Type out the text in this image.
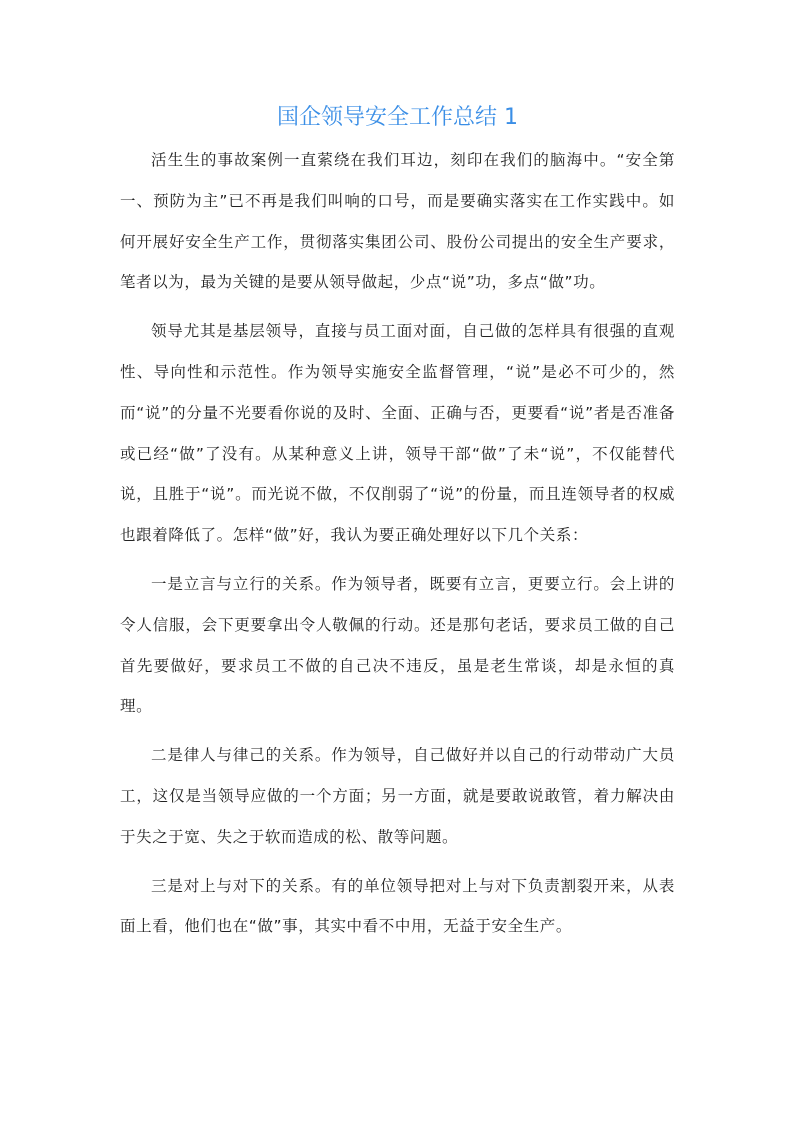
国企领导安全工作总结 1

活生生的事故案例一直萦绕在我们耳边，刻印在我们的脑海中。“安全第一、预防为主”已不再是我们叫响的口号，而是要确实落实在工作实践中。如何开展好安全生产工作，贯彻落实集团公司、股份公司提出的安全生产要求，笔者以为，最为关键的是要从领导做起，少点“说”功，多点“做”功。

领导尤其是基层领导，直接与员工面对面，自己做的怎样具有很强的直观性、导向性和示范性。作为领导实施安全监督管理，“说”是必不可少的，然而“说”的分量不光要看你说的及时、全面、正确与否，更要看“说”者是否准备或已经“做”了没有。从某种意义上讲，领导干部“做”了未“说”，不仅能替代说，且胜于“说”。而光说不做，不仅削弱了“说”的份量，而且连领导者的权威也跟着降低了。怎样“做”好，我认为要正确处理好以下几个关系：

一是立言与立行的关系。作为领导者，既要有立言，更要立行。会上讲的令人信服，会下更要拿出令人敬佩的行动。还是那句老话，要求员工做的自己首先要做好，要求员工不做的自己决不违反，虽是老生常谈，却是永恒的真理。

二是律人与律己的关系。作为领导，自己做好并以自己的行动带动广大员工，这仅是当领导应做的一个方面；另一方面，就是要敢说敢管，着力解决由于失之于宽、失之于软而造成的松、散等问题。

三是对上与对下的关系。有的单位领导把对上与对下负责割裂开来，从表面上看，他们也在“做”事，其实中看不中用，无益于安全生产。
